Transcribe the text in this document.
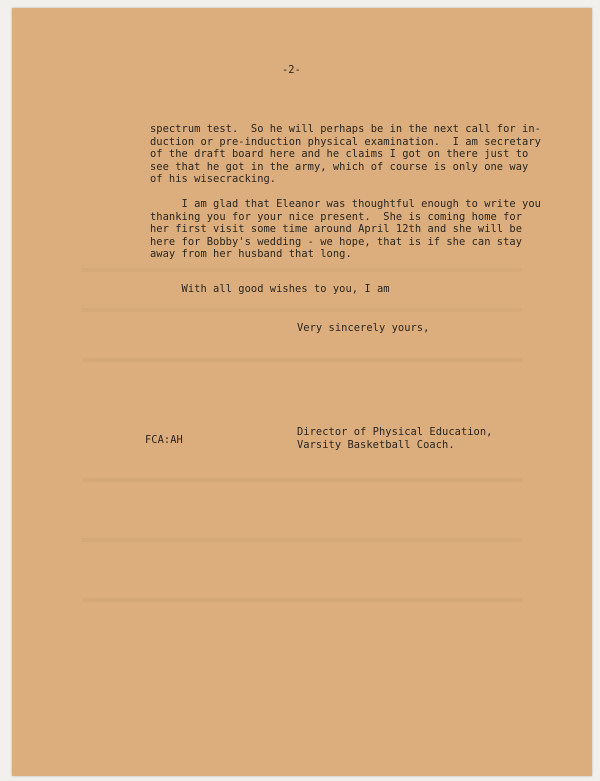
-2-
spectrum test.  So he will perhaps be in the next call for in-
duction or pre-induction physical examination.  I am secretary
of the draft board here and he claims I got on there just to
see that he got in the army, which of course is only one way
of his wisecracking.
I am glad that Eleanor was thoughtful enough to write you
thanking you for your nice present.  She is coming home for
her first visit some time around April 12th and she will be
here for Bobby's wedding - we hope, that is if she can stay
away from her husband that long.
With all good wishes to you, I am
Very sincerely yours,
Director of Physical Education,
Varsity Basketball Coach.
FCA:AH
